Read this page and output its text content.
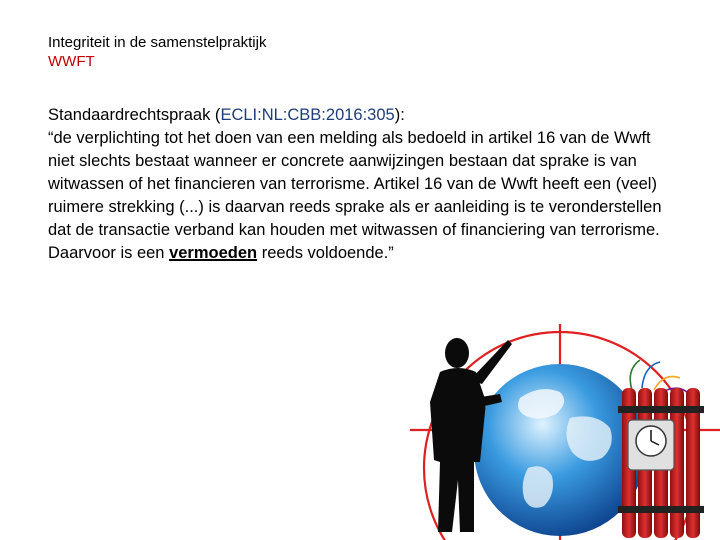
Integriteit in de samenstelpraktijk
WWFT

Standaardrechtspraak (ECLI:NL:CBB:2016:305):

“de verplichting tot het doen van een melding als bedoeld in artikel 16 van de Wwft niet slechts bestaat wanneer er concrete aanwijzingen bestaan dat sprake is van witwassen of het financieren van terrorisme. Artikel 16 van de Wwft heeft een (veel) ruimere strekking (...) is daarvan reeds sprake als er aanleiding is te veronderstellen dat de transactie verband kan houden met witwassen of financiering van terrorisme. Daarvoor is een vermoeden reeds voldoende.”
